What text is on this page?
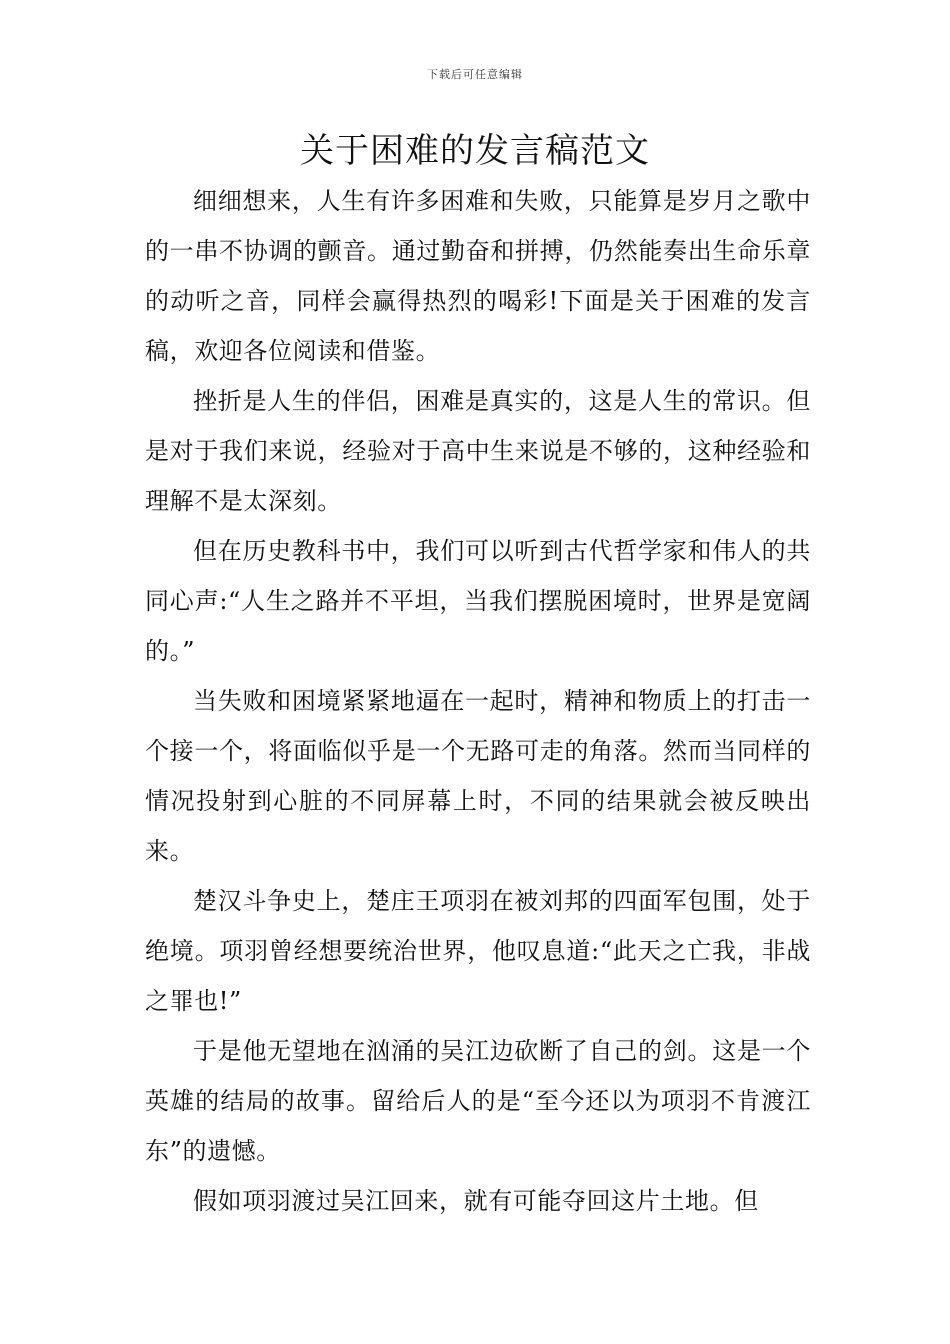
下载后可任意编辑
关于困难的发言稿范文

细细想来，人生有许多困难和失败，只能算是岁月之歌中的一串不协调的颤音。通过勤奋和拼搏，仍然能奏出生命乐章的动听之音，同样会赢得热烈的喝彩!下面是关于困难的发言稿，欢迎各位阅读和借鉴。

挫折是人生的伴侣，困难是真实的，这是人生的常识。但是对于我们来说，经验对于高中生来说是不够的，这种经验和理解不是太深刻。

但在历史教科书中，我们可以听到古代哲学家和伟人的共同心声:“人生之路并不平坦，当我们摆脱困境时，世界是宽阔的。”

当失败和困境紧紧地逼在一起时，精神和物质上的打击一个接一个，将面临似乎是一个无路可走的角落。然而当同样的情况投射到心脏的不同屏幕上时，不同的结果就会被反映出来。

楚汉斗争史上，楚庄王项羽在被刘邦的四面军包围，处于绝境。项羽曾经想要统治世界，他叹息道:“此天之亡我，非战之罪也!”

于是他无望地在汹涌的吴江边砍断了自己的剑。这是一个英雄的结局的故事。留给后人的是“至今还以为项羽不肯渡江东”的遗憾。

假如项羽渡过吴江回来，就有可能夺回这片土地。但
